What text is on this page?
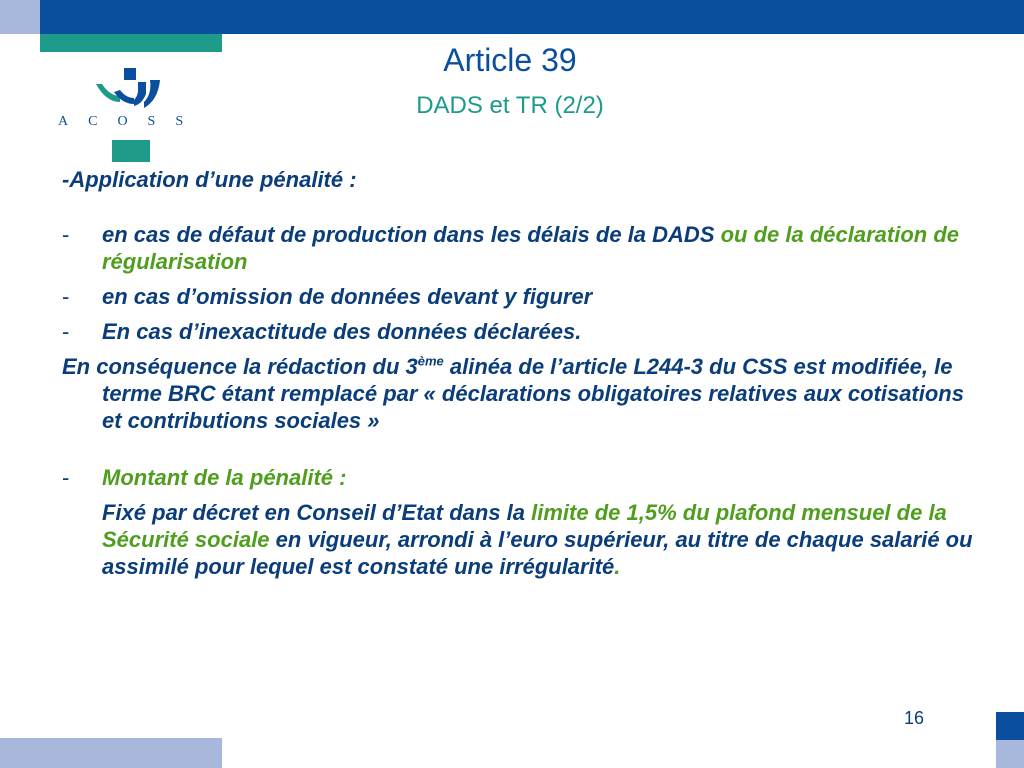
ACOSS
Article 39
DADS et TR (2/2)

-Application d’une pénalité :

- en cas de défaut de production dans les délais de la DADS ou de la déclaration de régularisation

- en cas d’omission de données devant y figurer

- En cas d’inexactitude des données déclarées.

En conséquence la rédaction du 3ème alinéa de l’article L244-3 du CSS est modifiée, le terme BRC étant remplacé par « déclarations obligatoires relatives aux cotisations et contributions sociales »

- Montant de la pénalité :

Fixé par décret en Conseil d’Etat dans la limite de 1,5% du plafond mensuel de la Sécurité sociale en vigueur, arrondi à l’euro supérieur, au titre de chaque salarié ou assimilé pour lequel est constaté une irrégularité.

16
